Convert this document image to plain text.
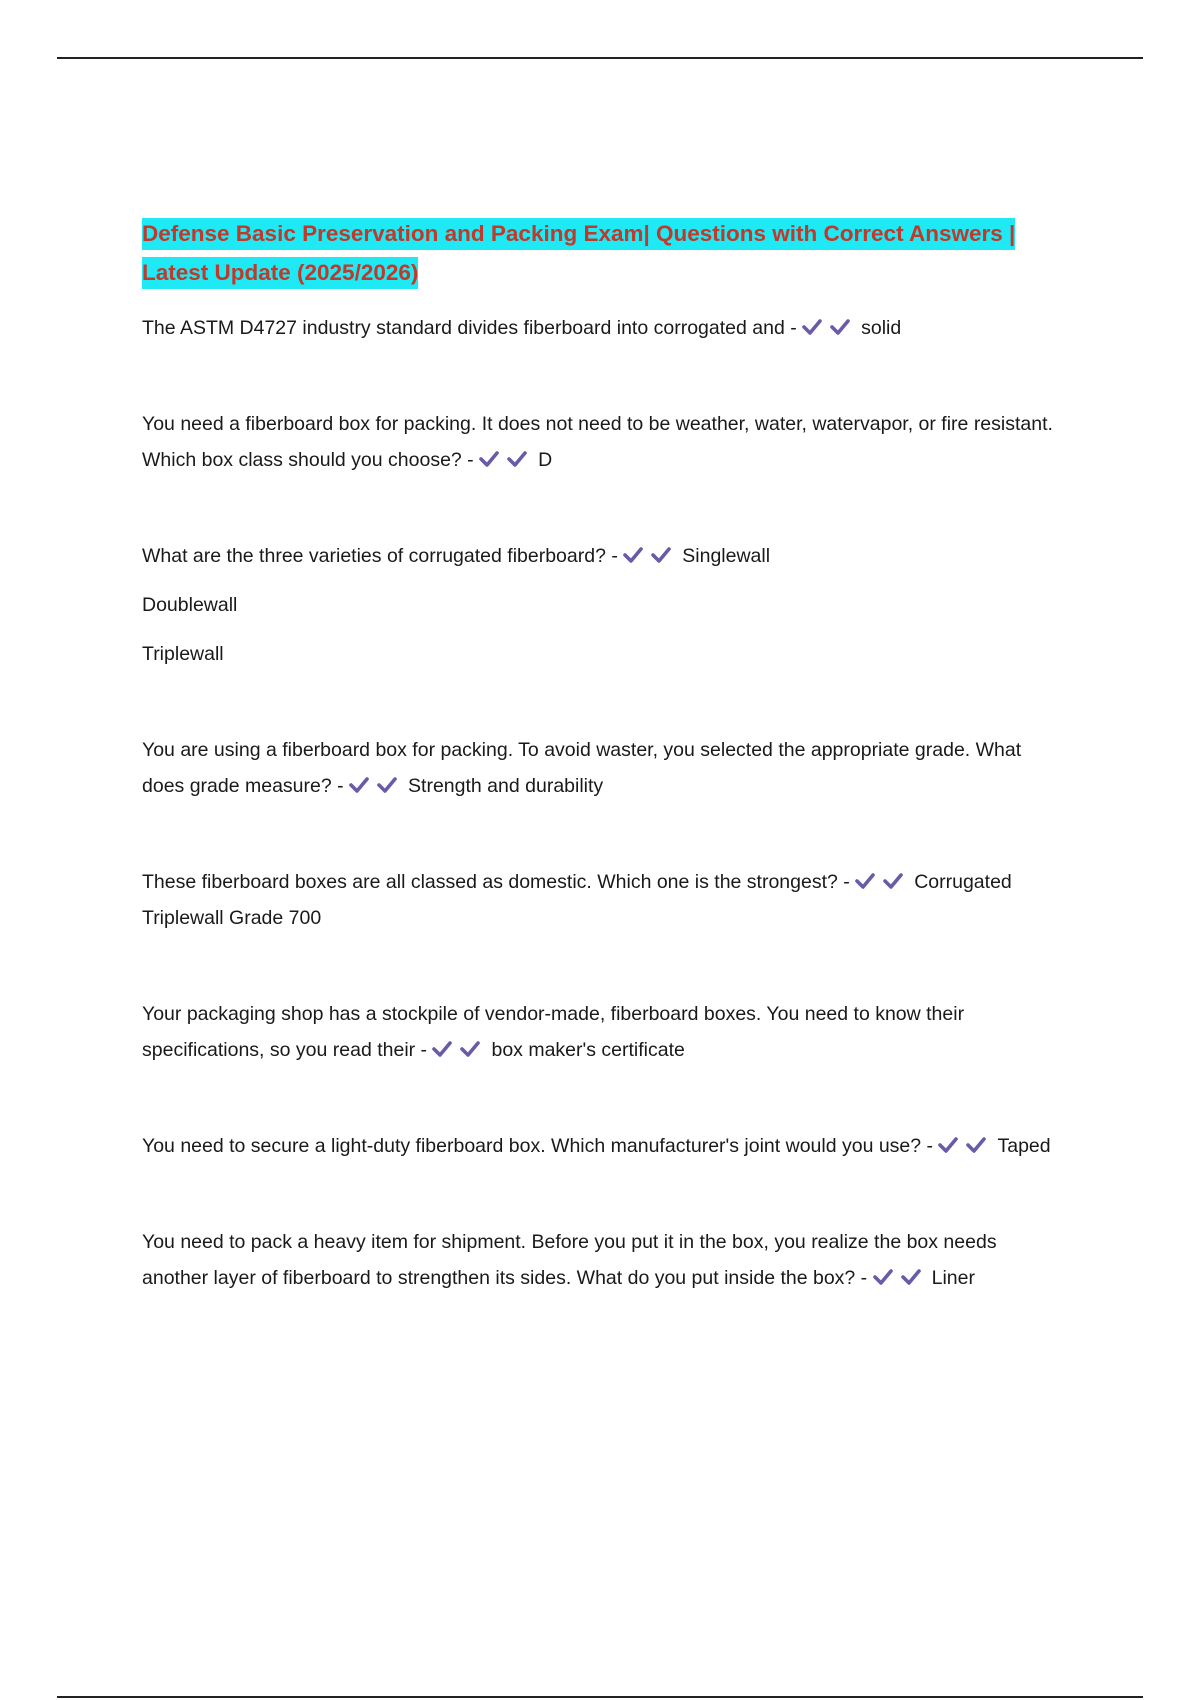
Defense Basic Preservation and Packing Exam| Questions with Correct Answers | Latest Update (2025/2026)
The ASTM D4727 industry standard divides fiberboard into corrogated and -	solid
You need a fiberboard box for packing. It does not need to be weather, water, watervapor, or fire resistant. Which box class should you choose? -	D
What are the three varieties of corrugated fiberboard? -	Singlewall
Doublewall
Triplewall
You are using a fiberboard box for packing. To avoid waster, you selected the appropriate grade. What does grade measure? -	Strength and durability
These fiberboard boxes are all classed as domestic. Which one is the strongest? -	Corrugated Triplewall Grade 700
Your packaging shop has a stockpile of vendor-made, fiberboard boxes. You need to know their specifications, so you read their -	box maker's certificate
You need to secure a light-duty fiberboard box. Which manufacturer's joint would you use? -	Taped
You need to pack a heavy item for shipment. Before you put it in the box, you realize the box needs another layer of fiberboard to strengthen its sides. What do you put inside the box? -	Liner
